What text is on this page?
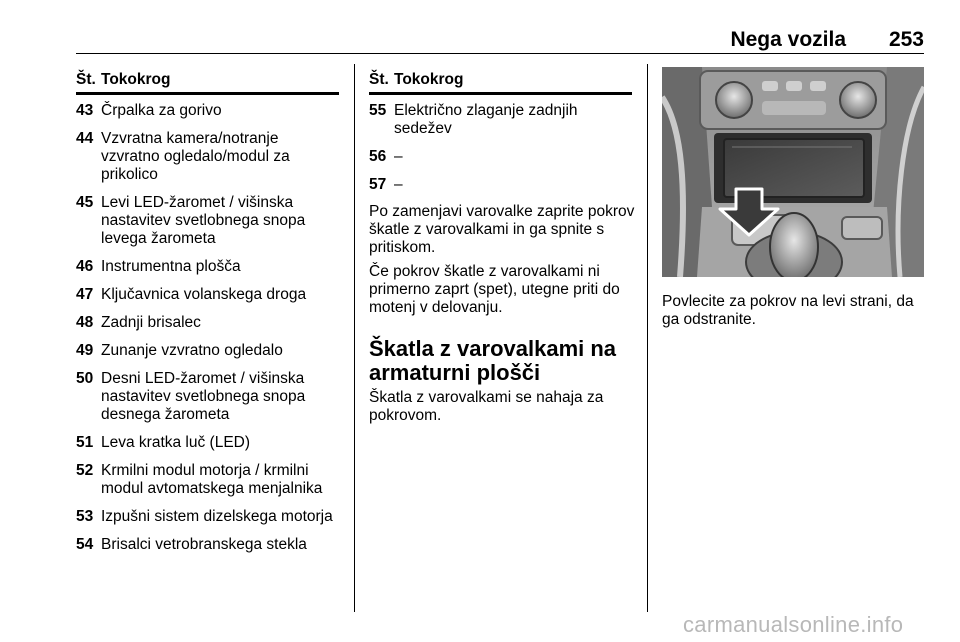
Nega vozila 253
Št. Tokokrog
43 Črpalka za gorivo
44 Vzvratna kamera/notranje vzvratno ogledalo/modul za prikolico
45 Levi LED-žaromet / višinska nastavitev svetlobnega snopa levega žarometa
46 Instrumentna plošča
47 Ključavnica volanskega droga
48 Zadnji brisalec
49 Zunanje vzvratno ogledalo
50 Desni LED-žaromet / višinska nastavitev svetlobnega snopa desnega žarometa
51 Leva kratka luč (LED)
52 Krmilni modul motorja / krmilni modul avtomatskega menjalnika
53 Izpušni sistem dizelskega motorja
54 Brisalci vetrobranskega stekla
Št. Tokokrog
55 Električno zlaganje zadnjih sedežev
56 –
57 –

Po zamenjavi varovalke zaprite pokrov škatle z varovalkami in ga spnite s pritiskom.

Če pokrov škatle z varovalkami ni primerno zaprt (spet), utegne priti do motenj v delovanju.

Škatla z varovalkami na armaturni plošči

Škatla z varovalkami se nahaja za pokrovom.

Povlecite za pokrov na levi strani, da ga odstranite.

carmanualsonline.info
